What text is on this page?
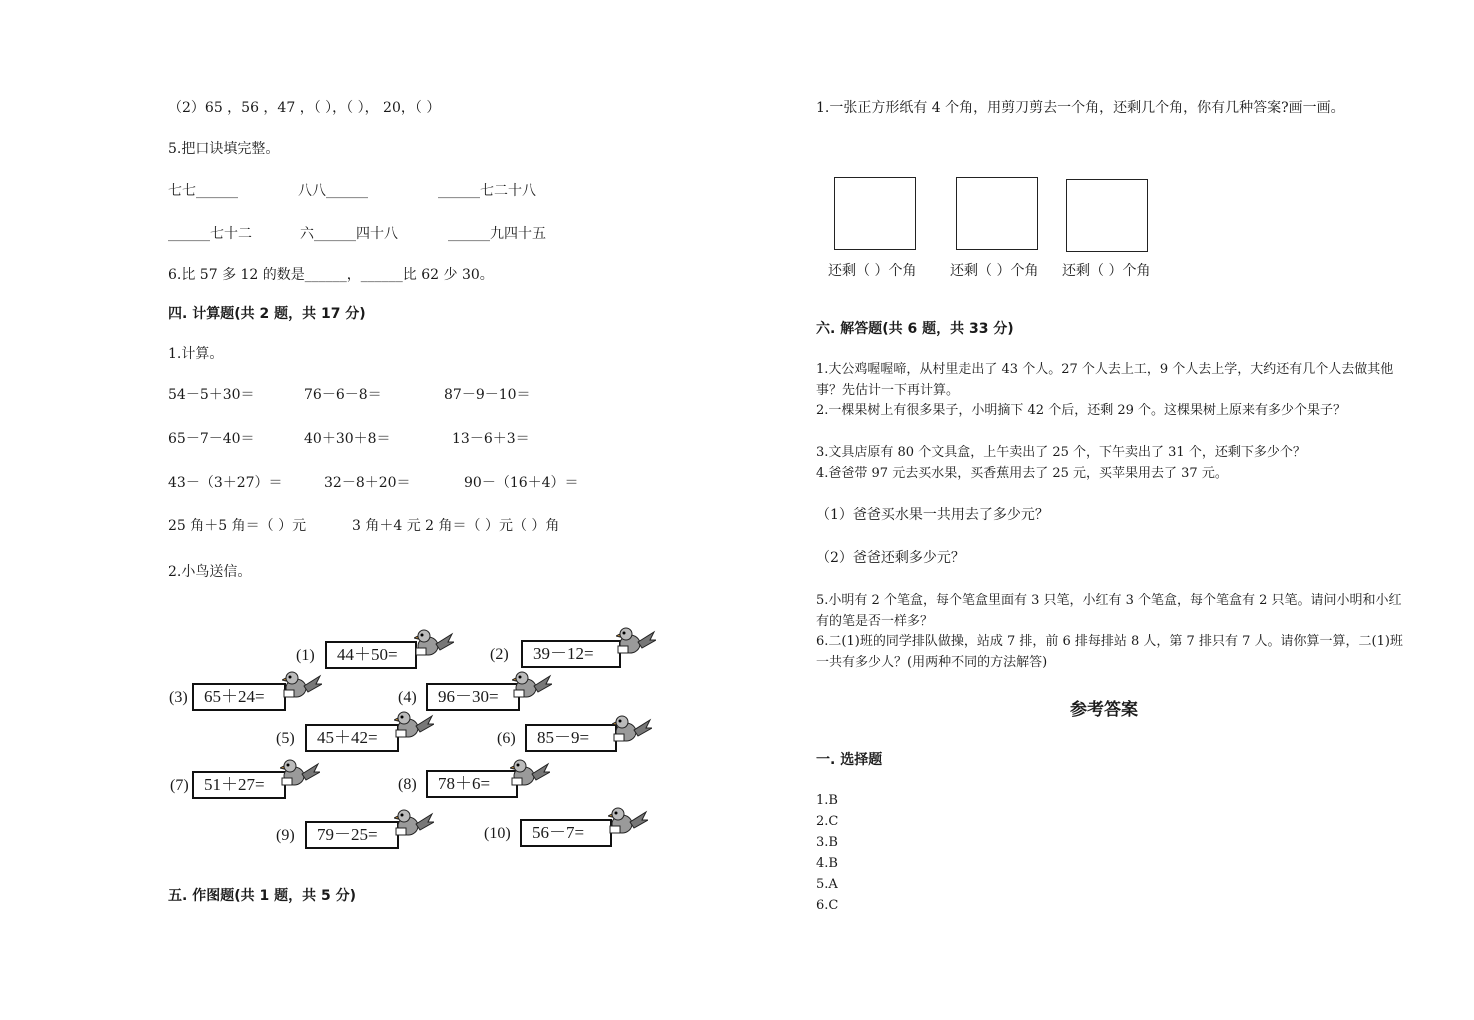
（2）65 ，56 ，47 ，（ ），（ ）， 20，（ ）
5.把口诀填完整。
七七______	八八______	______七二十八
______七十二	六______四十八	______九四十五
6.比 57 多 12 的数是______，______比 62 少 30。
四. 计算题(共 2 题，共 17 分)
1.计算。
54－5＋30＝	76－6－8＝	87－9－10＝
65－7－40＝	40＋30＋8＝	13－6＋3＝
43－（3＋27）＝	32－8＋20＝	90－（16＋4）＝
25 角＋5 角＝（ ）元	3 角＋4 元 2 角＝（ ）元（ ）角
2.小鸟送信。
(1)	44＋50=	(2)	39－12=
(3) 65＋24=	(4)	96－30=
(5)	45＋42=	(6)	85－9=
(7) 51＋27=	(8)	78＋6=
(9)	79－25=	(10)	56－7=
五. 作图题(共 1 题，共 5 分)
1.一张正方形纸有 4 个角，用剪刀剪去一个角，还剩几个角，你有几种答案?画一画。
还剩（ ）个角 还剩（ ）个角 还剩（ ）个角
六. 解答题(共 6 题，共 33 分)
1.大公鸡喔喔啼，从村里走出了 43 个人。27 个人去上工，9 个人去上学，大约还有几个人去做其他事？先估计一下再计算。
2.一棵果树上有很多果子，小明摘下 42 个后，还剩 29 个。这棵果树上原来有多少个果子？
3.文具店原有 80 个文具盒，上午卖出了 25 个，下午卖出了 31 个，还剩下多少个？
4.爸爸带 97 元去买水果，买香蕉用去了 25 元，买苹果用去了 37 元。
（1）爸爸买水果一共用去了多少元？
（2）爸爸还剩多少元？
5.小明有 2 个笔盒，每个笔盒里面有 3 只笔，小红有 3 个笔盒，每个笔盒有 2 只笔。请问小明和小红有的笔是否一样多？
6.二(1)班的同学排队做操，站成 7 排，前 6 排每排站 8 人，第 7 排只有 7 人。请你算一算，二(1)班一共有多少人？(用两种不同的方法解答)
参考答案
一. 选择题
1.B
2.C
3.B
4.B
5.A
6.C
